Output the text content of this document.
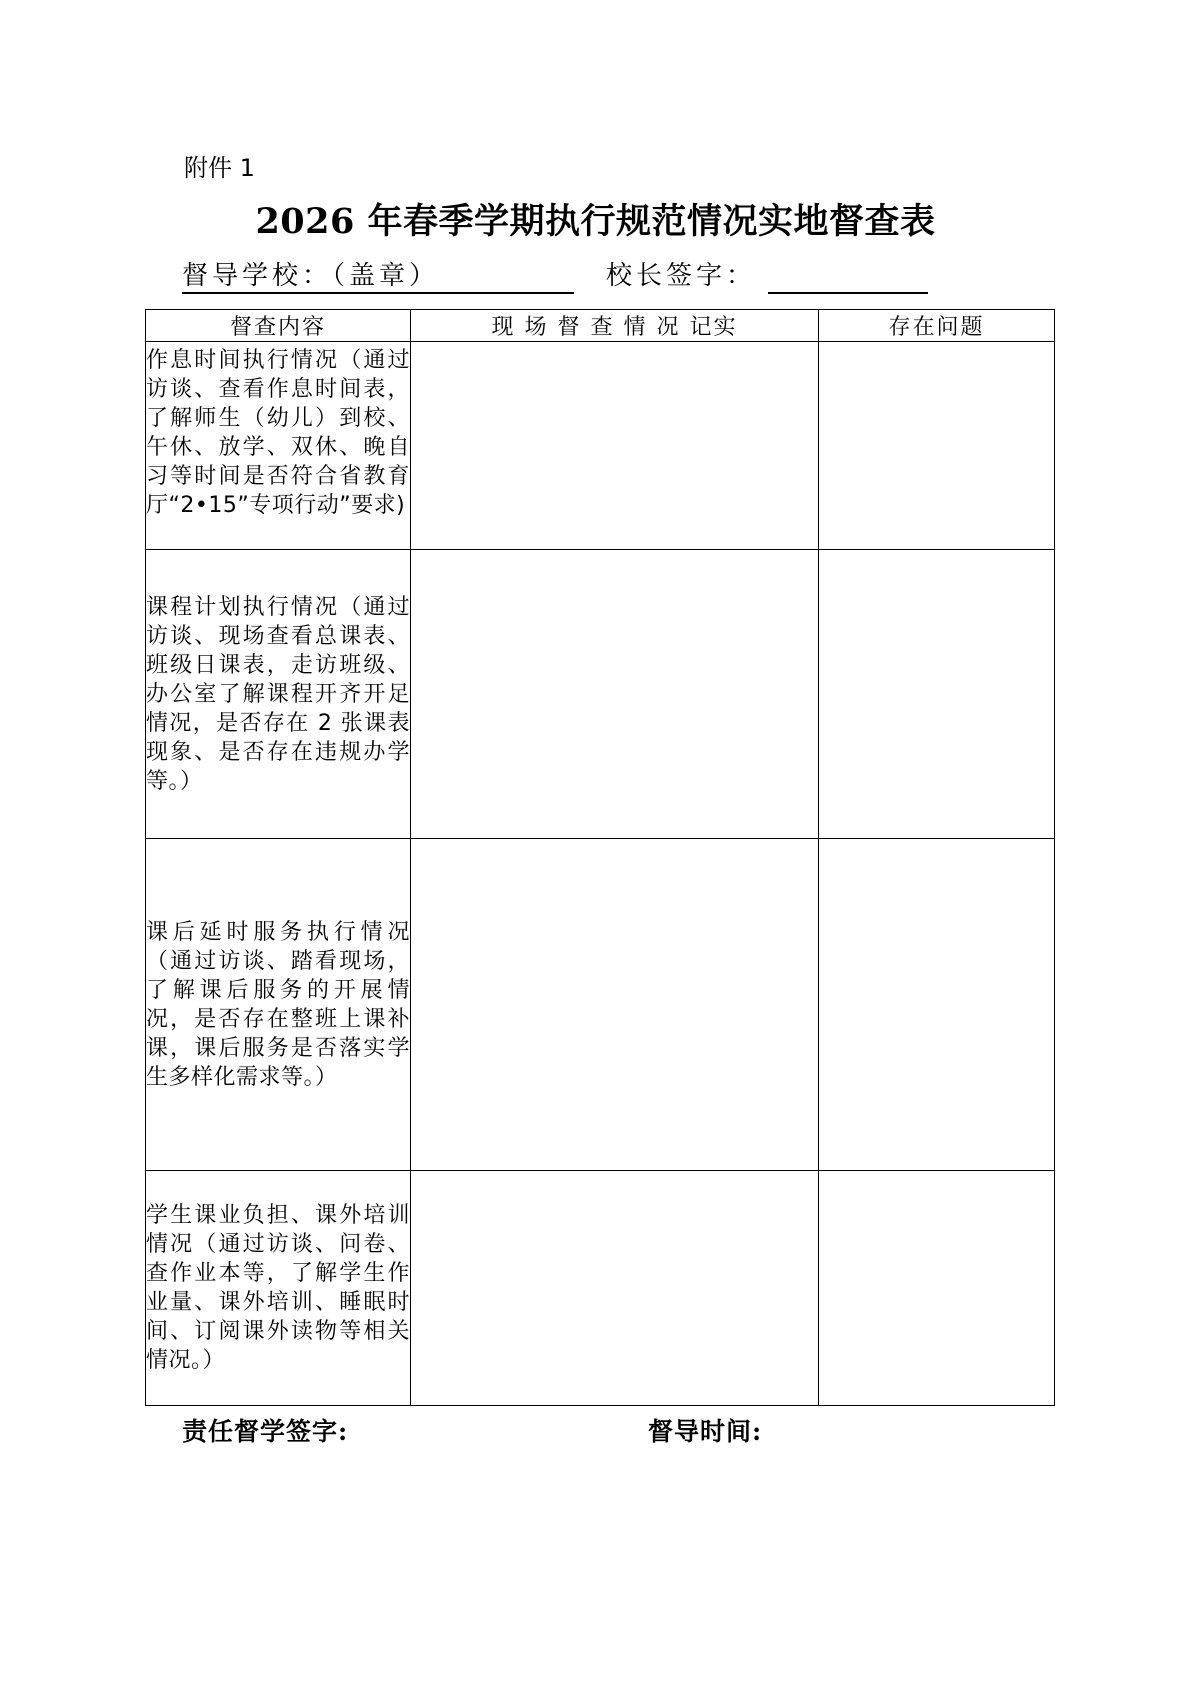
附件 1
2026 年春季学期执行规范情况实地督查表
督导学校：（盖章）	校长签字：
督查内容	现 场 督 查 情 况 记实	存在问题
作息时间执行情况（通过访谈、查看作息时间表，了解师生（幼儿）到校、午休、放学、双休、晚自习等时间是否符合省教育厅“2•15”专项行动”要求)		
课程计划执行情况（通过访谈、现场查看总课表、班级日课表，走访班级、办公室了解课程开齐开足情况，是否存在 2 张课表现象、是否存在违规办学等。）		
课后延时服务执行情况（通过访谈、踏看现场，了解课后服务的开展情况，是否存在整班上课补课，课后服务是否落实学生多样化需求等。）		
学生课业负担、课外培训情况（通过访谈、问卷、查作业本等，了解学生作业量、课外培训、睡眠时间、订阅课外读物等相关情况。）		
责任督学签字:	督导时间:
